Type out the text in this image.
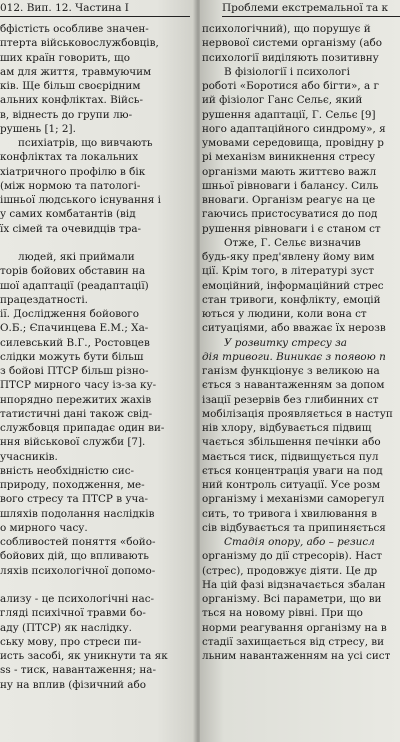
012. Вип. 12. Частина І
бфістість особливе значен-
птерта військовослужбовців,
ших країн говорить, що
ам для життя, травмуючим
ків. Ще більш своєрідним
альних конфліктах. Війсь-
в, віднесть до групи лю-
рушень [1; 2].
психіатрів, що вивчають
конфліктах та локальних
хіатричного профілю в бік
(між нормою та патологі-
ішньої людського існування і
у самих комбатантів (від
їх сімей та очевидців тра-
людей, які приймали
торів бойових обставин на
шої адаптації (реадаптації)
працездатності.
ії. Дослідження бойового
О.Б.; Єпачинцева Е.М.; Ха-
силевський В.Г., Ростовцев
слідки можуть бути більш
з бойові ПТСР більш різно-
ПТСР мирного часу із-за ку-
нпорядно пережитих жахів
татистичні дані також свід-
службовця припадає один ви-
ння військової служби [7].
учасників.
вність необхідністю сис-
природу, походження, ме-
вого стресу та ПТСР в уча-
шляхів подолання наслідків
о мирного часу.
собливостей поняття «бойо-
бойових дій, що впливають
ляхів психологічної допомо-
ализу - це психологічні нас-
гляді психічної травми бо-
аду (ПТСР) як наслідку.
ську мову, про стреси пи-
исть засобі, як уникнути та як
ss - тиск, навантаження; на-
ну на вплив (фізичний або
Проблеми екстремальної та к
психологічний), що порушує й
нервової системи організму (або
психології виділяють позитивну
В фізіології і психологі
роботі «Боротися або бігти», а г
ий фізіолог Ганс Сельє, який
рушення адаптації, Г. Сельє [9]
ного адаптаційного синдрому», я
умовами середовища, провідну р
рі механізм виникнення стресу
організми мають життєво важл
шньої рівноваги і балансу. Силь
вноваги. Організм реагує на це
гаючись пристосуватися до под
рушення рівноваги і є станом ст
Отже, Г. Сельє визначив
будь-яку пред'явлену йому вим
ції. Крім того, в літературі зуст
емоційний, інформаційний стрес
стан тривоги, конфлікту, емоцій
ються у людини, коли вона ст
ситуаціями, або вважає їх нерозв
У розвитку стресу за
дія тривоги. Виникає з появою п
ганізм функціонує з великою на
ється з навантаженням за допом
ізації резервів без глибинних ст
мобілізація проявляється в наступ
нів хлору, відбувається підвищ
чається збільшення печінки або
мається тиск, підвищується пул
ється концентрація уваги на под
ний контроль ситуації. Усе розм
організму і механізми саморегул
сить, то тривога і хвилювання в
сів відбувається та припиняється
Стадія опору, або – резисл
організму до дії стресорів). Наст
(стрес), продовжує діяти. Це др
На цій фазі відзначається збалан
організму. Всі параметри, що ви
ться на новому рівні. При що
норми реагування організму на в
стадії захищається від стресу, ви
льним навантаженням на усі сист
